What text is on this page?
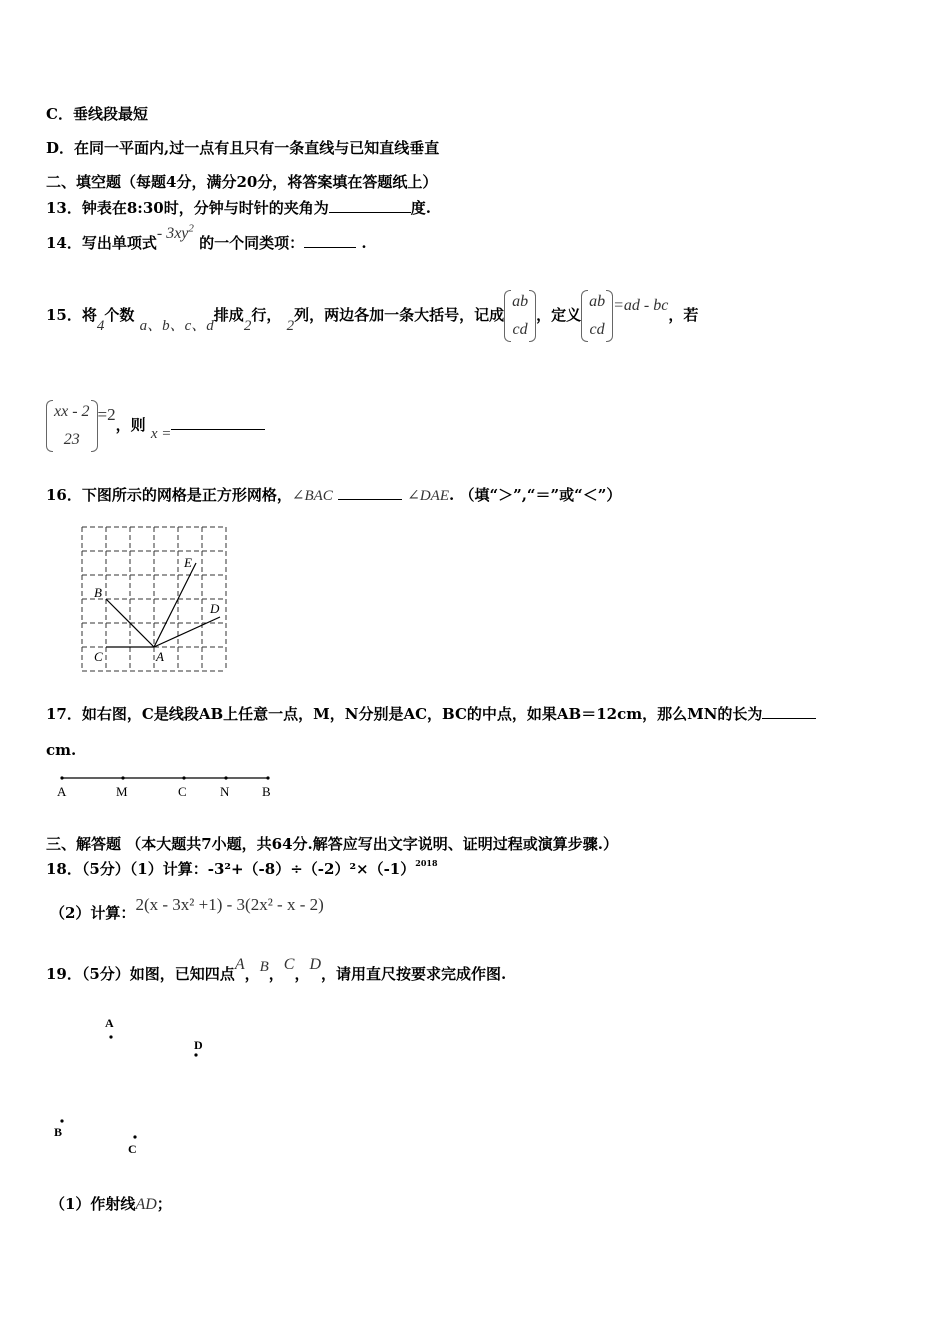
C．垂线段最短
D．在同一平面内,过一点有且只有一条直线与已知直线垂直
二、填空题（每题4分，满分20分，将答案填在答题纸上）
13．钟表在8:30时，分钟与时针的夹角为	度.
14．写出单项式- $3xy^2$ 的一个同类项：	.
15．将4个数 a、b、c、d排成2行， 2列，两边各加一条大括号，记成
ab
cd
，定义
ab
cd
=ad - bc，若
xx - 2
23
=2，则 x =
16．下图所示的网格是正方形网格，∠BAC	∠DAE. （填“＞”,“＝”或“＜”）
E
B
D
C	A
17．如右图，C是线段AB上任意一点，M，N分别是AC，BC的中点，如果AB＝12cm，那么MN的长为
cm.
A	M	C	N	B
三、解答题 （本大题共7小题，共64分.解答应写出文字说明、证明过程或演算步骤.）
18．（5分）（1）计算：$-3^2+(-8)\div(-2)^2\times(-1)^{2018}$
（2）计算：2(x - 3x² +1) - 3(2x² - x - 2)
19．（5分）如图，已知四点A，B，C，D，请用直尺按要求完成作图.
A
D
B
C
（1）作射线AD；
